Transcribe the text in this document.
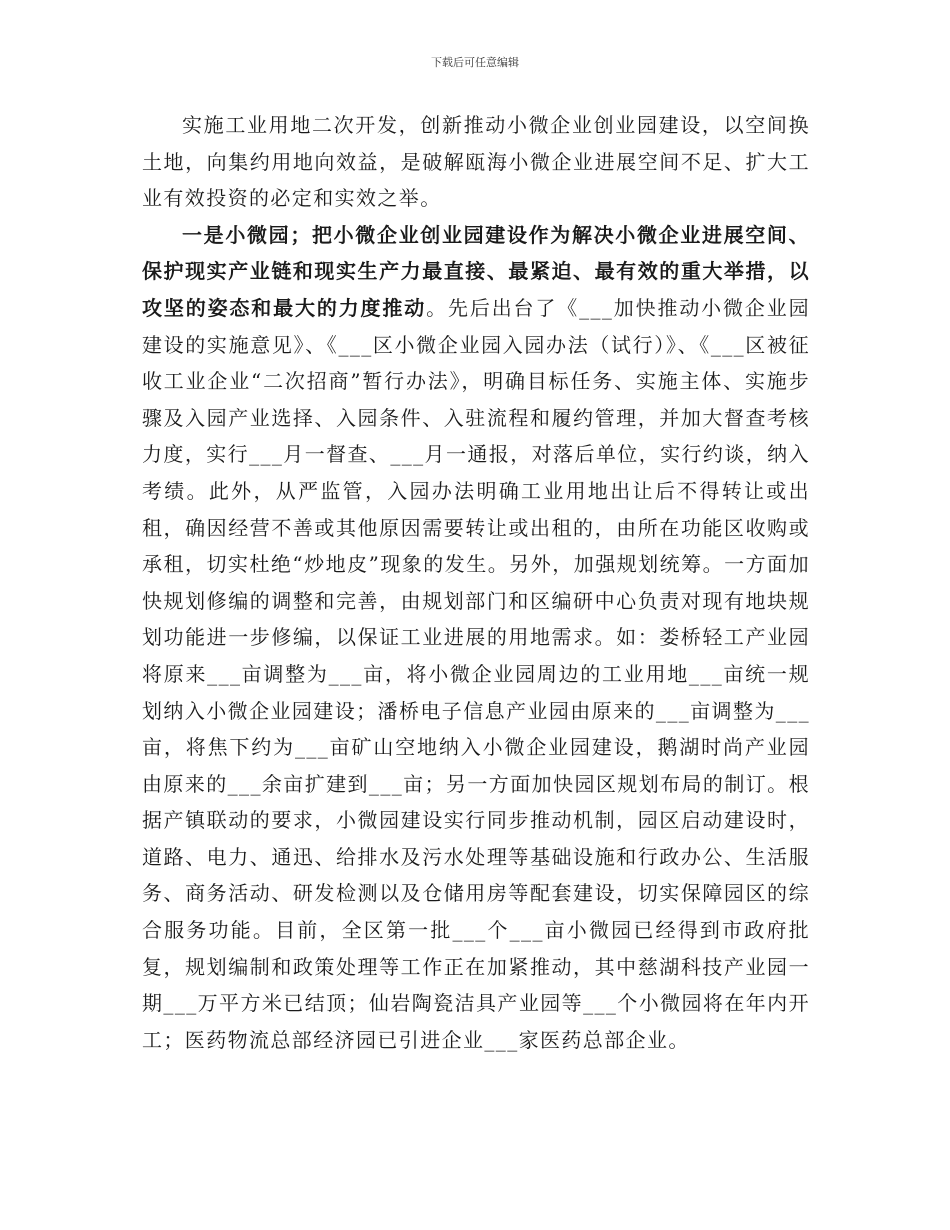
下载后可任意编辑

实施工业用地二次开发，创新推动小微企业创业园建设，以空间换土地，向集约用地向效益，是破解瓯海小微企业进展空间不足、扩大工业有效投资的必定和实效之举。

一是小微园；把小微企业创业园建设作为解决小微企业进展空间、保护现实产业链和现实生产力最直接、最紧迫、最有效的重大举措，以攻坚的姿态和最大的力度推动。先后出台了《___加快推动小微企业园建设的实施意见》、《___区小微企业园入园办法（试行）》、《___区被征收工业企业“二次招商”暂行办法》，明确目标任务、实施主体、实施步骤及入园产业选择、入园条件、入驻流程和履约管理，并加大督查考核力度，实行___月一督查、___月一通报，对落后单位，实行约谈，纳入考绩。此外，从严监管，入园办法明确工业用地出让后不得转让或出租，确因经营不善或其他原因需要转让或出租的，由所在功能区收购或承租，切实杜绝“炒地皮”现象的发生。另外，加强规划统筹。一方面加快规划修编的调整和完善，由规划部门和区编研中心负责对现有地块规划功能进一步修编，以保证工业进展的用地需求。如：娄桥轻工产业园将原来___亩调整为___亩，将小微企业园周边的工业用地___亩统一规划纳入小微企业园建设；潘桥电子信息产业园由原来的___亩调整为___亩，将焦下约为___亩矿山空地纳入小微企业园建设，鹅湖时尚产业园由原来的___余亩扩建到___亩；另一方面加快园区规划布局的制订。根据产镇联动的要求，小微园建设实行同步推动机制，园区启动建设时，道路、电力、通迅、给排水及污水处理等基础设施和行政办公、生活服务、商务活动、研发检测以及仓储用房等配套建设，切实保障园区的综合服务功能。目前，全区第一批___个___亩小微园已经得到市政府批复，规划编制和政策处理等工作正在加紧推动，其中慈湖科技产业园一期___万平方米已结顶；仙岩陶瓷洁具产业园等___个小微园将在年内开工；医药物流总部经济园已引进企业___家医药总部企业。
